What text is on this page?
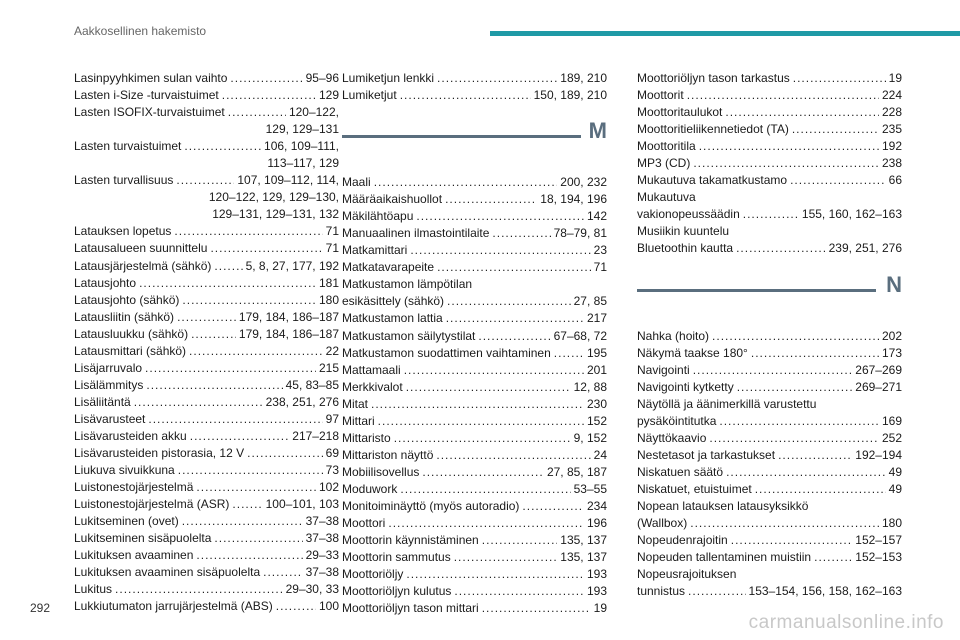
Aakkosellinen hakemisto
Lasinpyyhkimen sulan vaihto .....	95–96
Lasten i-Size -turvaistuimet .....	129
Lasten ISOFIX-turvaistuimet .....	120–122,
129, 129–131
Lasten turvaistuimet .....	106, 109–111,
113–117, 129
Lasten turvallisuus .....	107, 109–112, 114,
120–122, 129, 129–130,
129–131, 129–131, 132
Latauksen lopetus .....	71
Latausalueen suunnittelu .....	71
Latausjärjestelmä (sähkö) .....	5, 8, 27, 177, 192
Latausjohto .....	181
Latausjohto (sähkö) .....	180
Latausliitin (sähkö) .....	179, 184, 186–187
Latausluukku (sähkö) .....	179, 184, 186–187
Latausmittari (sähkö) .....	22
Lisäjarruvalo .....	215
Lisälämmitys .....	45, 83–85
Lisäliitäntä .....	238, 251, 276
Lisävarusteet .....	97
Lisävarusteiden akku .....	217–218
Lisävarusteiden pistorasia, 12 V .....	69
Liukuva sivuikkuna .....	73
Luistonestojärjestelmä .....	102
Luistonestojärjestelmä (ASR) .....	100–101, 103
Lukitseminen (ovet) .....	37–38
Lukitseminen sisäpuolelta .....	37–38
Lukituksen avaaminen .....	29–33
Lukituksen avaaminen sisäpuolelta .....	37–38
Lukitus .....	29–30, 33
Lukkiutumaton jarrujärjestelmä (ABS) .....	100
Lumiketjun lenkki .....	189, 210
Lumiketjut .....	150, 189, 210
M
Maali .....	200, 232
Määräaikaishuollot .....	18, 194, 196
Mäkilähtöapu .....	142
Manuaalinen ilmastointilaite .....	78–79, 81
Matkamittari .....	23
Matkatavarapeite .....	71
Matkustamon lämpötilan
esikäsittely (sähkö) .....	27, 85
Matkustamon lattia .....	217
Matkustamon säilytystilat .....	67–68, 72
Matkustamon suodattimen vaihtaminen .....	195
Mattamaali .....	201
Merkkivalot .....	12, 88
Mitat .....	230
Mittari .....	152
Mittaristo .....	9, 152
Mittariston näyttö .....	24
Mobiilisovellus .....	27, 85, 187
Moduwork .....	53–55
Monitoiminäyttö (myös autoradio) .....	234
Moottori .....	196
Moottorin käynnistäminen .....	135, 137
Moottorin sammutus .....	135, 137
Moottoriöljy .....	193
Moottoriöljyn kulutus .....	193
Moottoriöljyn tason mittari .....	19
Moottoriöljyn tason tarkastus .....	19
Moottorit .....	224
Moottoritaulukot .....	228
Moottoritieliikennetiedot (TA) .....	235
Moottoritila .....	192
MP3 (CD) .....	238
Mukautuva takamatkustamo .....	66
Mukautuva
vakionopeussäädin .....	155, 160, 162–163
Musiikin kuuntelu
Bluetoothin kautta .....	239, 251, 276
N
Nahka (hoito) .....	202
Näkymä taakse 180° .....	173
Navigointi .....	267–269
Navigointi kytketty .....	269–271
Näytöllä ja äänimerkillä varustettu
pysäköintitutka .....	169
Näyttökaavio .....	252
Nestetasot ja tarkastukset .....	192–194
Niskatuen säätö .....	49
Niskatuet, etuistuimet .....	49
Nopean latauksen latausyksikkö
(Wallbox) .....	180
Nopeudenrajoitin .....	152–157
Nopeuden tallentaminen muistiin .....	152–153
Nopeusrajoituksen
tunnistus .....	153–154, 156, 158, 162–163
292
carmanualsonline.info
